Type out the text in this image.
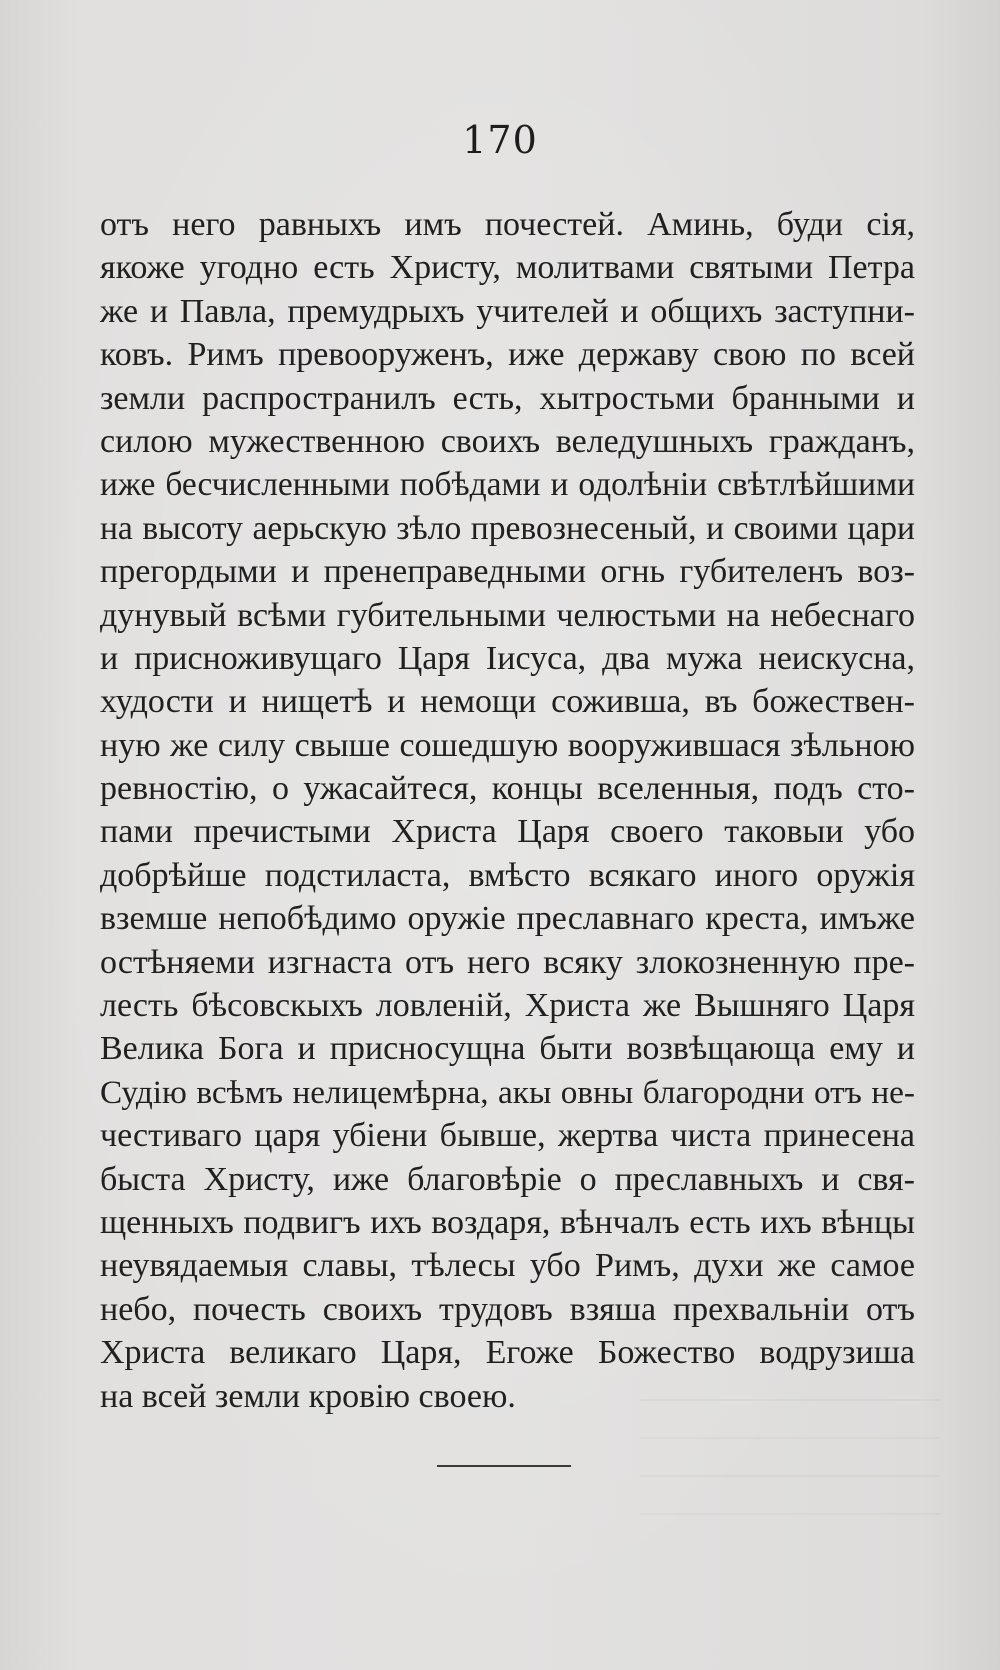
170
отъ него равныхъ имъ почестей. Аминь, буди сія,
якоже угодно есть Христу, молитвами святыми Петра
же и Павла, премудрыхъ учителей и общихъ заступни-
ковъ. Римъ превооруженъ, иже державу свою по всей
земли распространилъ есть, хытростьми бранными и
силою мужественною своихъ веледушныхъ гражданъ,
иже бесчисленными побѣдами и одолѣніи свѣтлѣйшими
на высоту аерьскую зѣло превознесеный, и своими цари
прегордыми и пренеправедными огнь губителенъ воз-
дунувый всѣми губительными челюстьми на небеснаго
и присноживущаго Царя Іисуса, два мужа неискусна,
худости и нищетѣ и немощи соживша, въ божествен-
ную же силу свыше сошедшую вооружившася зѣльною
ревностію, о ужасайтеся, концы вселенныя, подъ сто-
пами пречистыми Христа Царя своего таковыи убо
добрѣйше подстиласта, вмѣсто всякаго иного оружія
вземше непобѣдимо оружіе преславнаго креста, имъже
остѣняеми изгнаста отъ него всяку злокозненную пре-
лесть бѣсовскыхъ ловленій, Христа же Вышняго Царя
Велика Бога и присносущна быти возвѣщающа ему и
Судію всѣмъ нелицемѣрна, акы овны благородни отъ не-
честиваго царя убіени бывше, жертва чиста принесена
быста Христу, иже благовѣріе о преславныхъ и свя-
щенныхъ подвигъ ихъ воздаря, вѣнчалъ есть ихъ вѣнцы
неувядаемыя славы, тѣлесы убо Римъ, духи же самое
небо, почесть своихъ трудовъ взяша прехвальніи отъ
Христа великаго Царя, Егоже Божество водрузиша
на всей земли кровію своею.
